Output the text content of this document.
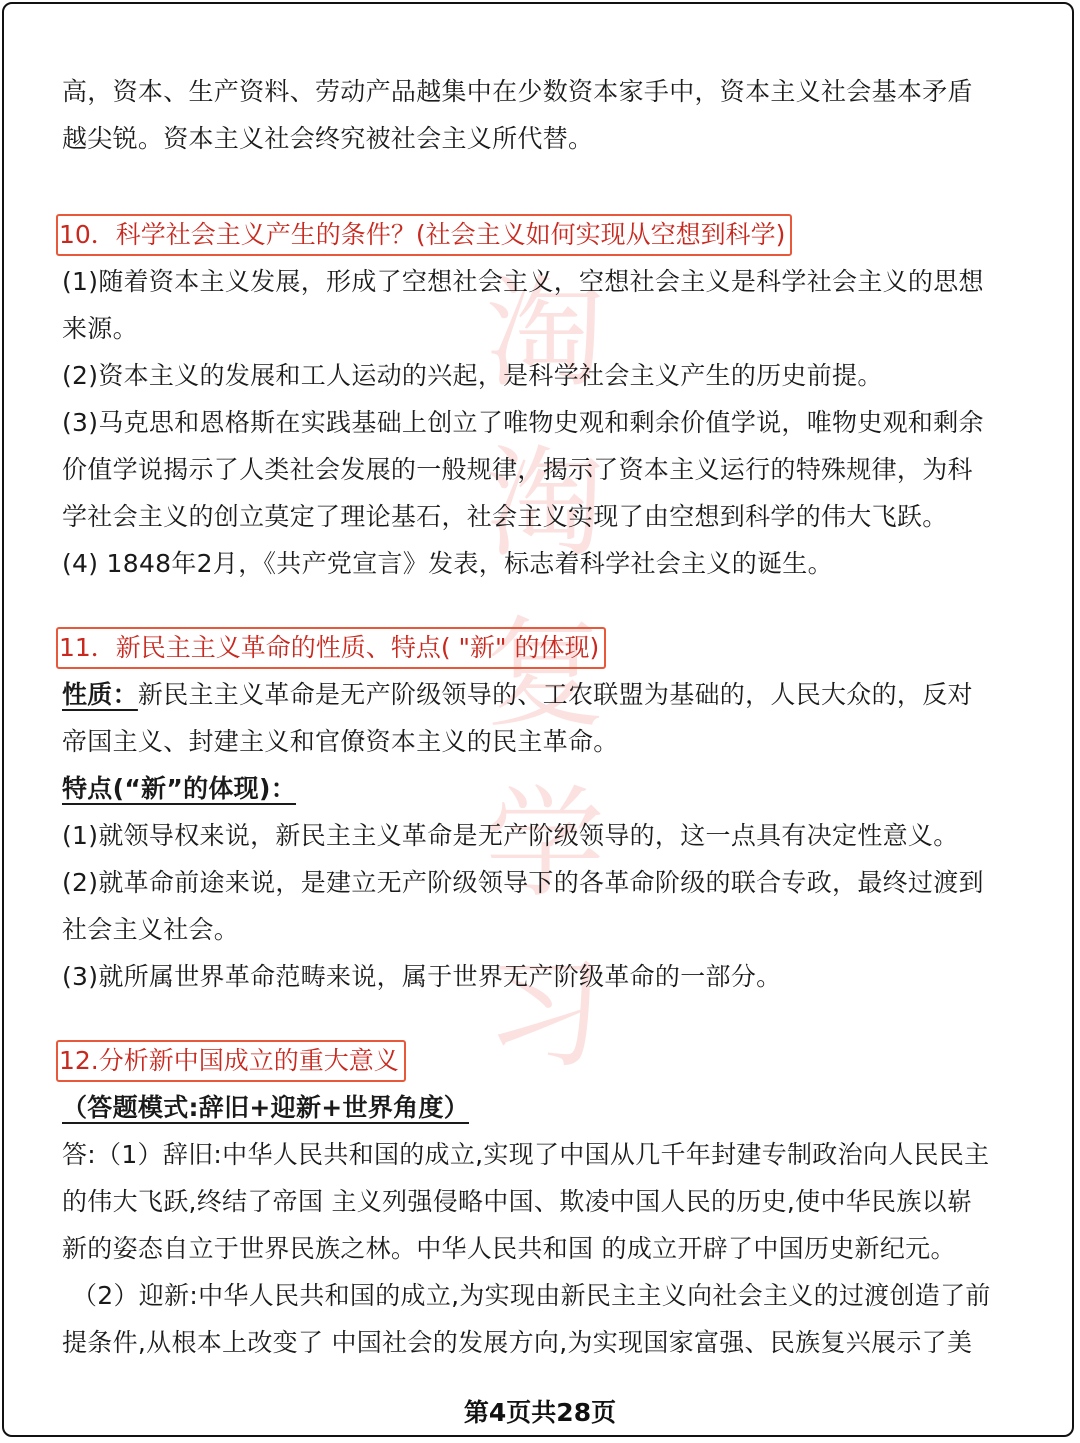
淘
淘
复
学
习

高，资本、生产资料、劳动产品越集中在少数资本家手中，资本主义社会基本矛盾

越尖锐。资本主义社会终究被社会主义所代替。

10．科学社会主义产生的条件？(社会主义如何实现从空想到科学)

(1)随着资本主义发展，形成了空想社会主义，空想社会主义是科学社会主义的思想

来源。

(2)资本主义的发展和工人运动的兴起，是科学社会主义产生的历史前提。

(3)马克思和恩格斯在实践基础上创立了唯物史观和剩余价值学说，唯物史观和剩余

价值学说揭示了人类社会发展的一般规律，揭示了资本主义运行的特殊规律，为科

学社会主义的创立莫定了理论基石，社会主义实现了由空想到科学的伟大飞跃。

(4) 1848年2月，《共产党宣言》发表，标志着科学社会主义的诞生。

11．新民主主义革命的性质、特点( "新" 的体现)

性质：新民主主义革命是无产阶级领导的、工农联盟为基础的，人民大众的，反对

帝国主义、封建主义和官僚资本主义的民主革命。

特点(“新”的体现)：

(1)就领导权来说，新民主主义革命是无产阶级领导的，这一点具有决定性意义。

(2)就革命前途来说，是建立无产阶级领导下的各革命阶级的联合专政，最终过渡到

社会主义社会。

(3)就所属世界革命范畴来说，属于世界无产阶级革命的一部分。

12.分析新中国成立的重大意义

（答题模式:辞旧+迎新+世界角度）

答:（1）辞旧:中华人民共和国的成立,实现了中国从几千年封建专制政治向人民民主

的伟大飞跃,终结了帝国 主义列强侵略中国、欺凌中国人民的历史,使中华民族以崭

新的姿态自立于世界民族之林。中华人民共和国 的成立开辟了中国历史新纪元。

（2）迎新:中华人民共和国的成立,为实现由新民主主义向社会主义的过渡创造了前

提条件,从根本上改变了 中国社会的发展方向,为实现国家富强、民族复兴展示了美

第4页共28页
